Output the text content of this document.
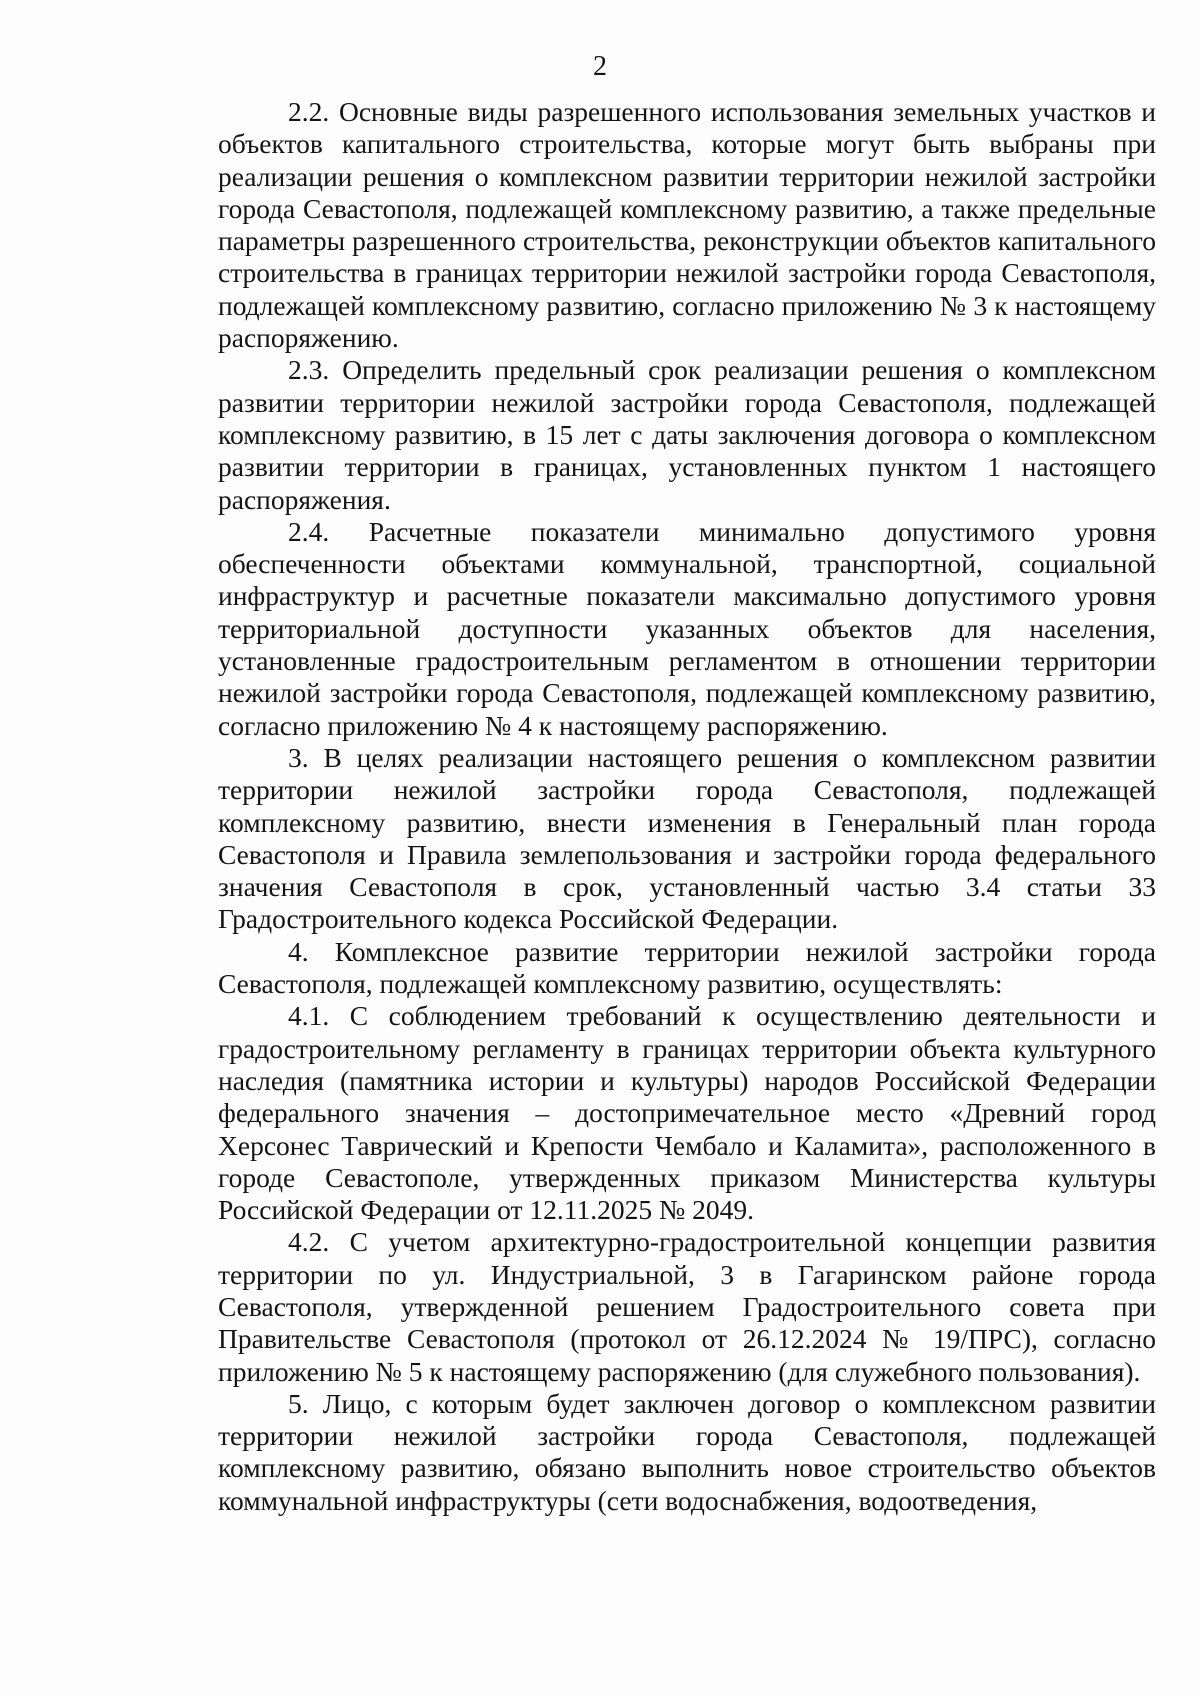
2

2.2. Основные виды разрешенного использования земельных участков и объектов капитального строительства, которые могут быть выбраны при реализации решения о комплексном развитии территории нежилой застройки города Севастополя, подлежащей комплексному развитию, а также предельные параметры разрешенного строительства, реконструкции объектов капитального строительства в границах территории нежилой застройки города Севастополя, подлежащей комплексному развитию, согласно приложению № 3 к настоящему распоряжению.

2.3. Определить предельный срок реализации решения о комплексном развитии территории нежилой застройки города Севастополя, подлежащей комплексному развитию, в 15 лет с даты заключения договора о комплексном развитии территории в границах, установленных пунктом 1 настоящего распоряжения.

2.4. Расчетные показатели минимально допустимого уровня обеспеченности объектами коммунальной, транспортной, социальной инфраструктур и расчетные показатели максимально допустимого уровня территориальной доступности указанных объектов для населения, установленные градостроительным регламентом в отношении территории нежилой застройки города Севастополя, подлежащей комплексному развитию, согласно приложению № 4 к настоящему распоряжению.

3. В целях реализации настоящего решения о комплексном развитии территории нежилой застройки города Севастополя, подлежащей комплексному развитию, внести изменения в Генеральный план города Севастополя и Правила землепользования и застройки города федерального значения Севастополя в срок, установленный частью 3.4 статьи 33 Градостроительного кодекса Российской Федерации.

4. Комплексное развитие территории нежилой застройки города Севастополя, подлежащей комплексному развитию, осуществлять:

4.1. С соблюдением требований к осуществлению деятельности и градостроительному регламенту в границах территории объекта культурного наследия (памятника истории и культуры) народов Российской Федерации федерального значения – достопримечательное место «Древний город Херсонес Таврический и Крепости Чембало и Каламита», расположенного в городе Севастополе, утвержденных приказом Министерства культуры Российской Федерации от 12.11.2025 № 2049.

4.2. С учетом архитектурно-градостроительной концепции развития территории по ул. Индустриальной, 3 в Гагаринском районе города Севастополя, утвержденной решением Градостроительного совета при Правительстве Севастополя (протокол от 26.12.2024 № 19/ПРС), согласно приложению № 5 к настоящему распоряжению (для служебного пользования).

5. Лицо, с которым будет заключен договор о комплексном развитии территории нежилой застройки города Севастополя, подлежащей комплексному развитию, обязано выполнить новое строительство объектов коммунальной инфраструктуры (сети водоснабжения, водоотведения,
